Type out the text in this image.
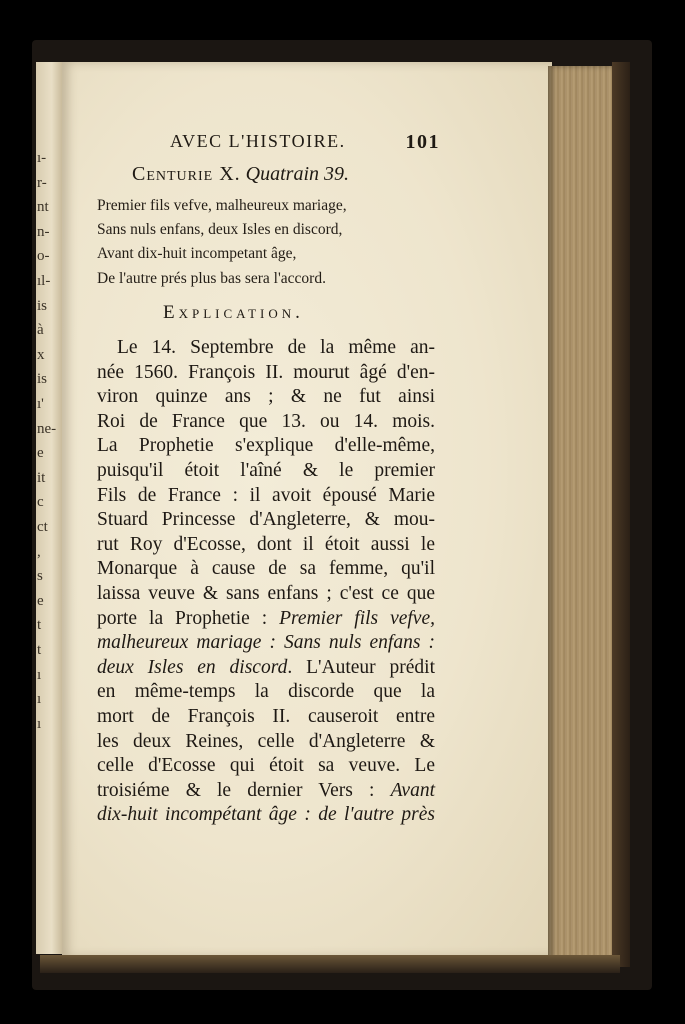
ı-
r-
nt
n-
o-
ıl-
is
à
x
is
ı'
ne-
e
it
c
ct
,
s
e
t
t
ı
ı
ı
AVEC L'HISTOIRE.	101
Centurie X. Quatrain 39.
Premier fils vefve, malheureux mariage,
Sans nuls enfans, deux Isles en discord,
Avant dix-huit incompetant âge,
De l'autre prés plus bas sera l'accord.
Explication.
Le 14. Septembre de la même an-
née 1560. François II. mourut âgé d'en-
viron quinze ans ; & ne fut ainsi
Roi de France que 13. ou 14. mois.
La Prophetie s'explique d'elle-même,
puisqu'il étoit l'aîné & le premier
Fils de France : il avoit épousé Marie
Stuard Princesse d'Angleterre, & mou-
rut Roy d'Ecosse, dont il étoit aussi le
Monarque à cause de sa femme, qu'il
laissa veuve & sans enfans ; c'est ce que
porte la Prophetie : Premier fils vefve,
malheureux mariage : Sans nuls enfans :
deux Isles en discord. L'Auteur prédit
en même-temps la discorde que la
mort de François II. causeroit entre
les deux Reines, celle d'Angleterre &
celle d'Ecosse qui étoit sa veuve. Le
troisiéme & le dernier Vers : Avant
dix-huit incompétant âge : de l'autre près
